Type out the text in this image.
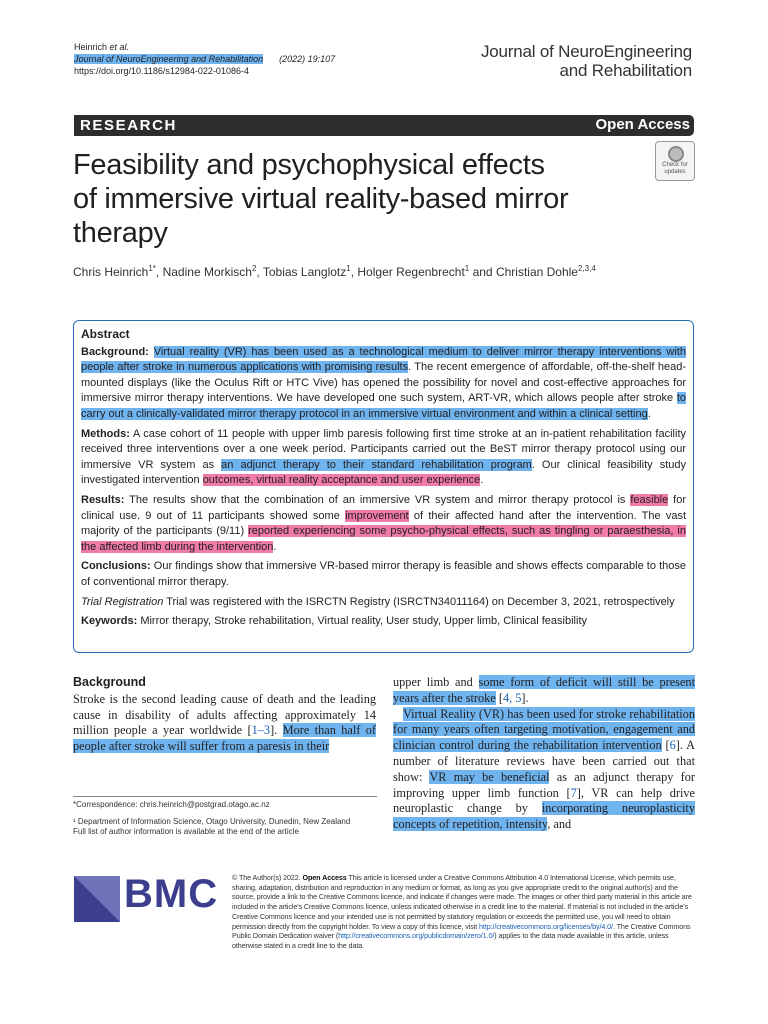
Heinrich et al.
Journal of NeuroEngineering and Rehabilitation (2022) 19:107
https://doi.org/10.1186/s12984-022-01086-4
Journal of NeuroEngineering
and Rehabilitation
RESEARCH	Open Access
Feasibility and psychophysical effects
of immersive virtual reality-based mirror
therapy
Check for
updates
Chris Heinrich$^{1*}$, Nadine Morkisch$^2$, Tobias Langlotz$^1$, Holger Regenbrecht$^1$ and Christian Dohle$^{2,3,4}$
Abstract

Background: Virtual reality (VR) has been used as a technological medium to deliver mirror therapy interventions with people after stroke in numerous applications with promising results. The recent emergence of affordable, off-the-shelf head-mounted displays (like the Oculus Rift or HTC Vive) has opened the possibility for novel and cost-effective approaches for immersive mirror therapy interventions. We have developed one such system, ART-VR, which allows people after stroke to carry out a clinically-validated mirror therapy protocol in an immersive virtual environment and within a clinical setting.

Methods: A case cohort of 11 people with upper limb paresis following first time stroke at an in-patient rehabilitation facility received three interventions over a one week period. Participants carried out the BeST mirror therapy protocol using our immersive VR system as an adjunct therapy to their standard rehabilitation program. Our clinical feasibility study investigated intervention outcomes, virtual reality acceptance and user experience.

Results: The results show that the combination of an immersive VR system and mirror therapy protocol is feasible for clinical use. 9 out of 11 participants showed some improvement of their affected hand after the intervention. The vast majority of the participants (9/11) reported experiencing some psycho-physical effects, such as tingling or paraesthesia, in the affected limb during the intervention.

Conclusions: Our findings show that immersive VR-based mirror therapy is feasible and shows effects comparable to those of conventional mirror therapy.

Trial Registration Trial was registered with the ISRCTN Registry (ISRCTN34011164) on December 3, 2021, retrospectively

Keywords: Mirror therapy, Stroke rehabilitation, Virtual reality, User study, Upper limb, Clinical feasibility

Background

Stroke is the second leading cause of death and the leading cause in disability of adults affecting approximately 14 million people a year worldwide [1–3]. More than half of people after stroke will suffer from a paresis in their

upper limb and some form of deficit will still be present years after the stroke [4, 5].

Virtual Reality (VR) has been used for stroke rehabilitation for many years often targeting motivation, engagement and clinician control during the rehabilitation intervention [6]. A number of literature reviews have been carried out that show: VR may be beneficial as an adjunct therapy for improving upper limb function [7], VR can help drive neuroplastic change by incorporating neuroplasticity concepts of repetition, intensity, and

*Correspondence: chris.heinrich@postgrad.otago.ac.nz

¹ Department of Information Science, Otago University, Dunedin, New Zealand

Full list of author information is available at the end of the article

BMC © The Author(s) 2022. Open Access This article is licensed under a Creative Commons Attribution 4.0 International License, which permits use, sharing, adaptation, distribution and reproduction in any medium or format, as long as you give appropriate credit to the original author(s) and the source, provide a link to the Creative Commons licence, and indicate if changes were made. The images or other third party material in this article are included in the article's Creative Commons licence, unless indicated otherwise in a credit line to the material. If material is not included in the article's Creative Commons licence and your intended use is not permitted by statutory regulation or exceeds the permitted use, you will need to obtain permission directly from the copyright holder. To view a copy of this licence, visit http://creativecommons.org/licenses/by/4.0/. The Creative Commons Public Domain Dedication waiver (http://creativecommons.org/publicdomain/zero/1.0/) applies to the data made available in this article, unless otherwise stated in a credit line to the data.
